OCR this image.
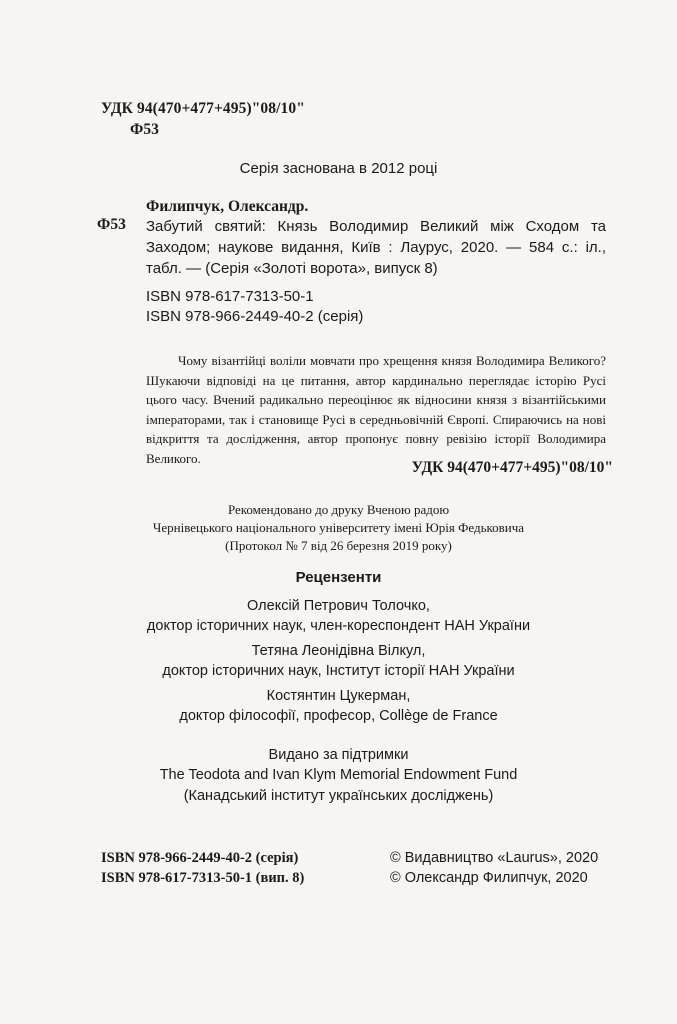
УДК 94(470+477+495)"08/10"
Ф53
Серія заснована в 2012 році
Филипчук, Олександр.
Ф53 Забутий святий: Князь Володимир Великий між Сходом та Заходом; наукове видання, Київ : Лаурус, 2020. — 584 с.: іл., табл. — (Серія «Золоті ворота», випуск 8)
ISBN 978-617-7313-50-1
ISBN 978-966-2449-40-2 (серія)
Чому візантійці воліли мовчати про хрещення князя Володимира Великого? Шукаючи відповіді на це питання, автор кардинально переглядає історію Русі цього часу. Вчений радикально переоцінює як відносини князя з візантійськими імператорами, так і становище Русі в середньовічній Європі. Спираючись на нові відкриття та дослідження, автор пропонує повну ревізію історії Володимира Великого.
УДК 94(470+477+495)"08/10"
Рекомендовано до друку Вченою радою
Чернівецького національного університету імені Юрія Федьковича
(Протокол № 7 від 26 березня 2019 року)
Рецензенти
Олексій Петрович Толочко,
доктор історичних наук, член-кореспондент НАН України
Тетяна Леонідівна Вілкул,
доктор історичних наук, Інститут історії НАН України
Костянтин Цукерман,
доктор філософії, професор, Collège de France
Видано за підтримки
The Teodota and Ivan Klym Memorial Endowment Fund
(Канадський інститут українських досліджень)
ISBN 978-966-2449-40-2 (серія)
ISBN 978-617-7313-50-1 (вип. 8)
© Видавництво «Laurus», 2020
© Олександр Филипчук, 2020
